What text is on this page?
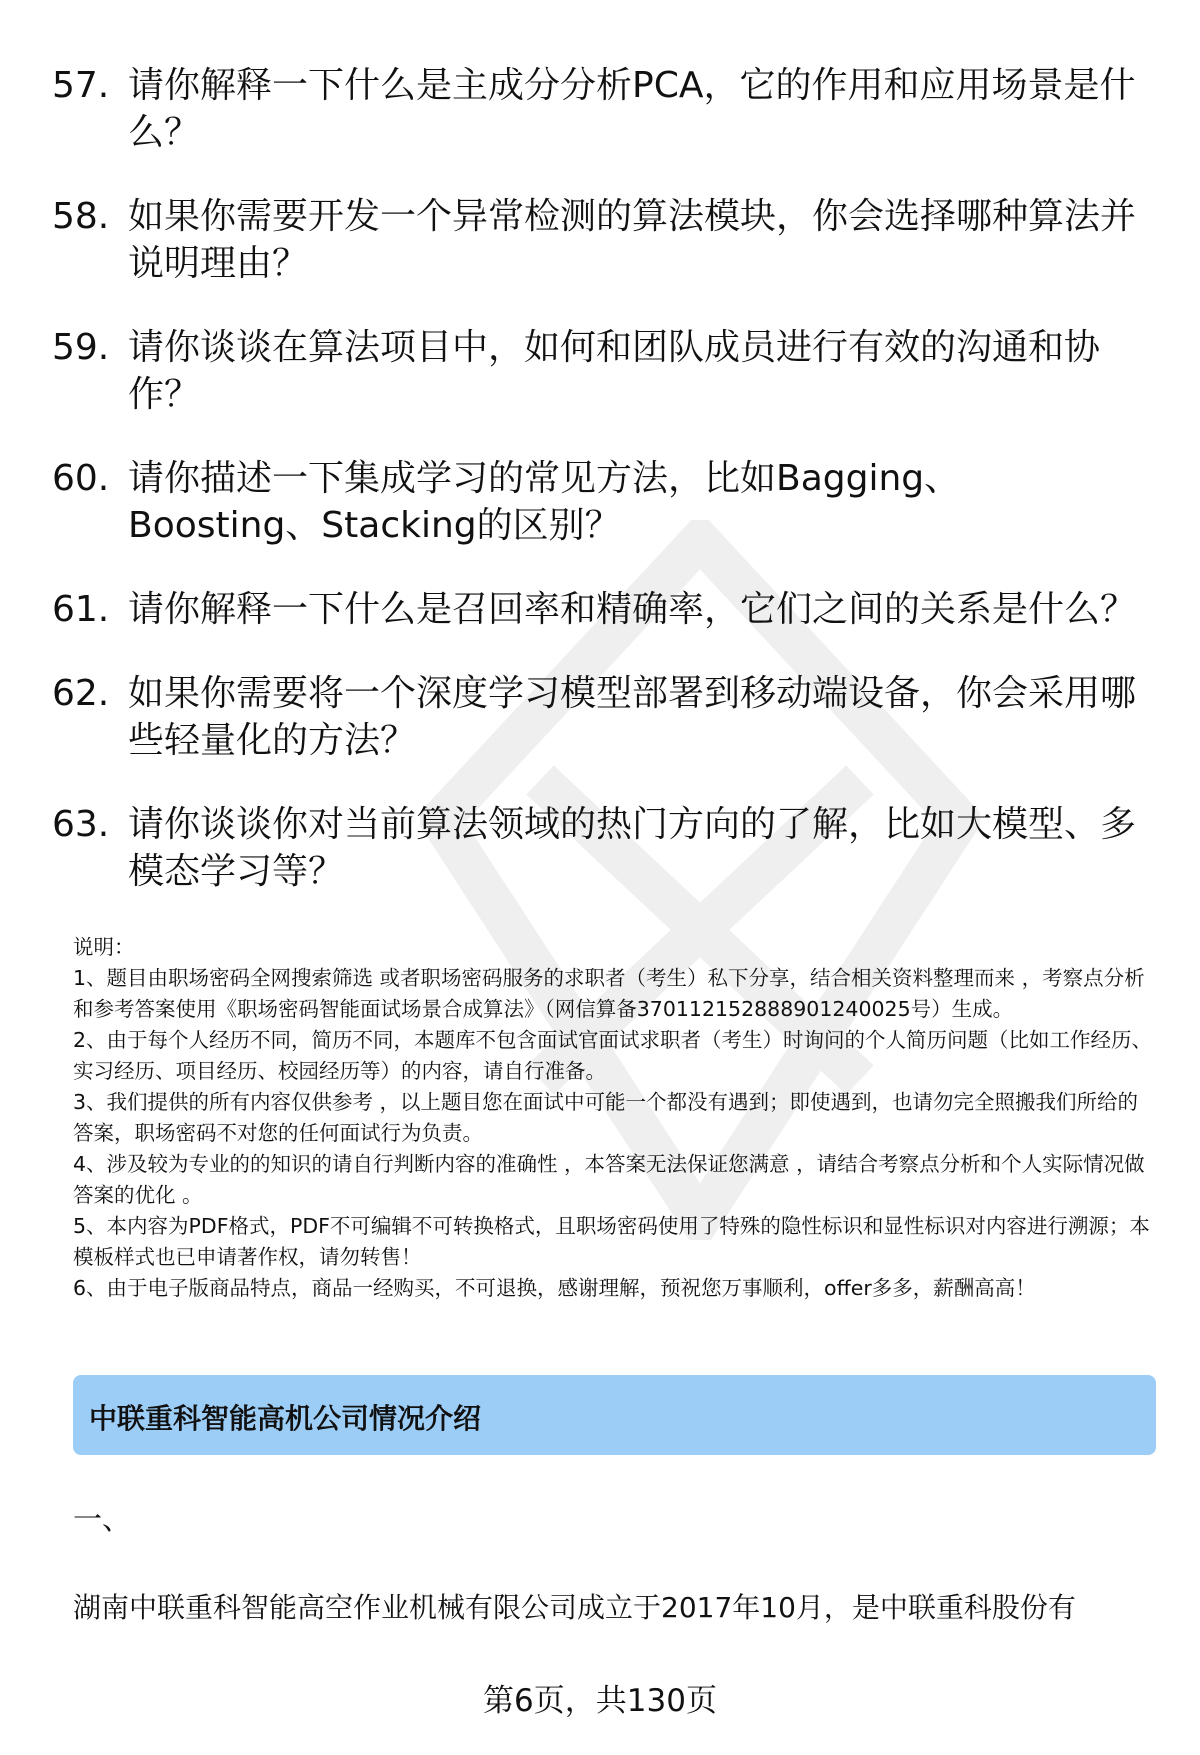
57. 请你解释一下什么是主成分分析PCA，它的作用和应用场景是什么？
58. 如果你需要开发一个异常检测的算法模块，你会选择哪种算法并说明理由？
59. 请你谈谈在算法项目中，如何和团队成员进行有效的沟通和协作？
60. 请你描述一下集成学习的常见方法，比如Bagging、Boosting、Stacking的区别？
61. 请你解释一下什么是召回率和精确率，它们之间的关系是什么？
62. 如果你需要将一个深度学习模型部署到移动端设备，你会采用哪些轻量化的方法？
63. 请你谈谈你对当前算法领域的热门方向的了解，比如大模型、多模态学习等？
说明：
1、题目由职场密码全网搜索筛选 或者职场密码服务的求职者（考生）私下分享，结合相关资料整理而来 ，考察点分析和参考答案使用《职场密码智能面试场景合成算法》（网信算备370112152888901240025号）生成。
2、由于每个人经历不同，简历不同，本题库不包含面试官面试求职者（考生）时询问的个人简历问题（比如工作经历、实习经历、项目经历、校园经历等）的内容，请自行准备。
3、我们提供的所有内容仅供参考 ，以上题目您在面试中可能一个都没有遇到；即使遇到，也请勿完全照搬我们所给的答案，职场密码不对您的任何面试行为负责。
4、涉及较为专业的的知识的请自行判断内容的准确性 ，本答案无法保证您满意 ，请结合考察点分析和个人实际情况做答案的优化 。
5、本内容为PDF格式，PDF不可编辑不可转换格式，且职场密码使用了特殊的隐性标识和显性标识对内容进行溯源；本模板样式也已申请著作权，请勿转售！
6、由于电子版商品特点，商品一经购买，不可退换，感谢理解，预祝您万事顺利，offer多多，薪酬高高！
中联重科智能高机公司情况介绍
一、
湖南中联重科智能高空作业机械有限公司成立于2017年10月，是中联重科股份有
第6页，共130页
